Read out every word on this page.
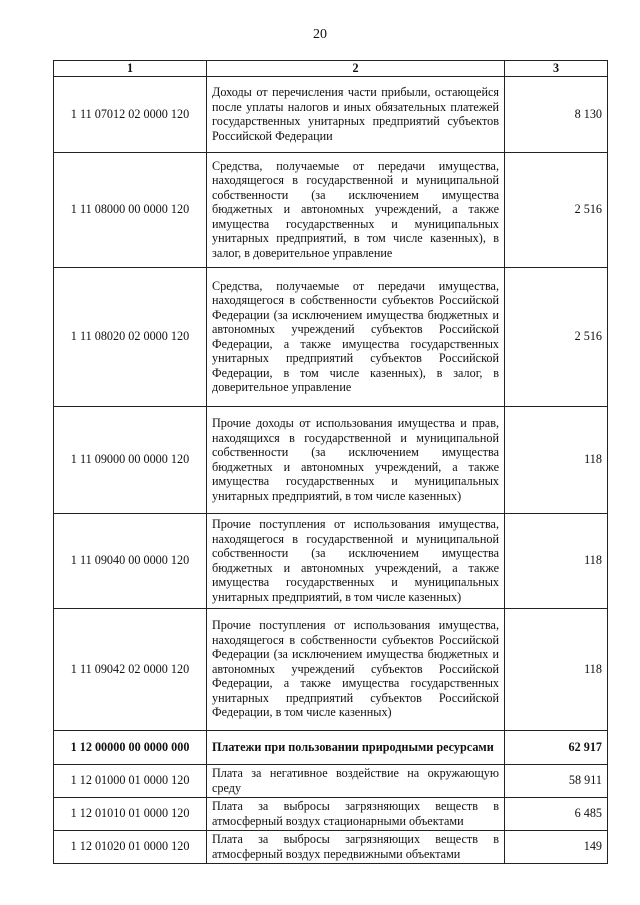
20
1	2	3
1 11 07012 02 0000 120	Доходы от перечисления части прибыли, остающейся после уплаты налогов и иных обязательных платежей государственных унитарных предприятий субъектов Российской Федерации	8 130
1 11 08000 00 0000 120	Средства, получаемые от передачи имущества, находящегося в государственной и муниципальной собственности (за исключением имущества бюджетных и автономных учреждений, а также имущества государственных и муниципальных унитарных предприятий, в том числе казенных), в залог, в доверительное управление	2 516
1 11 08020 02 0000 120	Средства, получаемые от передачи имущества, находящегося в собственности субъектов Российской Федерации (за исключением имущества бюджетных и автономных учреждений субъектов Российской Федерации, а также имущества государственных унитарных предприятий субъектов Российской Федерации, в том числе казенных), в залог, в доверительное управление	2 516
1 11 09000 00 0000 120	Прочие доходы от использования имущества и прав, находящихся в государственной и муниципальной собственности (за исключением имущества бюджетных и автономных учреждений, а также имущества государственных и муниципальных унитарных предприятий, в том числе казенных)	118
1 11 09040 00 0000 120	Прочие поступления от использования имущества, находящегося в государственной и муниципальной собственности (за исключением имущества бюджетных и автономных учреждений, а также имущества государственных и муниципальных унитарных предприятий, в том числе казенных)	118
1 11 09042 02 0000 120	Прочие поступления от использования имущества, находящегося в собственности субъектов Российской Федерации (за исключением имущества бюджетных и автономных учреждений субъектов Российской Федерации, а также имущества государственных унитарных предприятий субъектов Российской Федерации, в том числе казенных)	118
1 12 00000 00 0000 000	Платежи при пользовании природными ресурсами	62 917
1 12 01000 01 0000 120	Плата за негативное воздействие на окружающую среду	58 911
1 12 01010 01 0000 120	Плата за выбросы загрязняющих веществ в атмосферный воздух стационарными объектами	6 485
1 12 01020 01 0000 120	Плата за выбросы загрязняющих веществ в атмосферный воздух передвижными объектами	149
